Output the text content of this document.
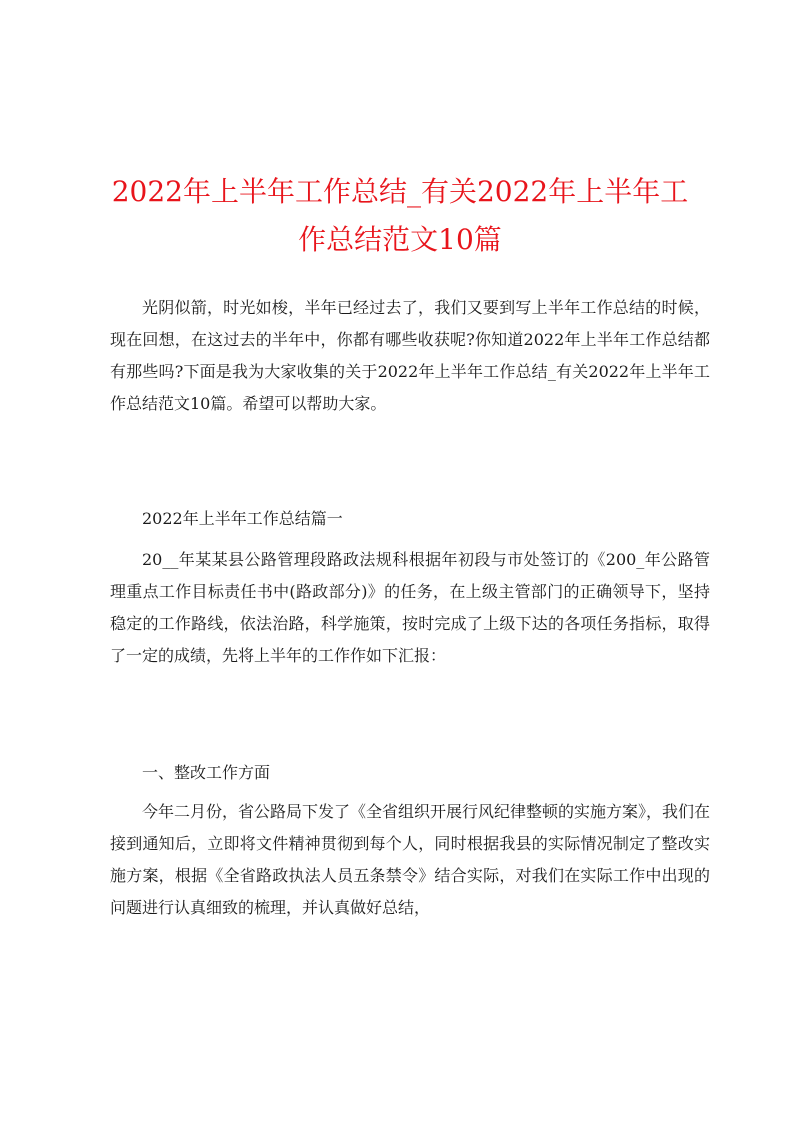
2022年上半年工作总结_有关2022年上半年工作总结范文10篇

光阴似箭，时光如梭，半年已经过去了，我们又要到写上半年工作总结的时候，现在回想，在这过去的半年中，你都有哪些收获呢?你知道2022年上半年工作总结都有那些吗?下面是我为大家收集的关于2022年上半年工作总结_有关2022年上半年工作总结范文10篇。希望可以帮助大家。

2022年上半年工作总结篇一

20__年某某县公路管理段路政法规科根据年初段与市处签订的《200_年公路管理重点工作目标责任书中(路政部分)》的任务，在上级主管部门的正确领导下，坚持稳定的工作路线，依法治路，科学施策，按时完成了上级下达的各项任务指标，取得了一定的成绩，先将上半年的工作作如下汇报：

一、整改工作方面

今年二月份，省公路局下发了《全省组织开展行风纪律整顿的实施方案》，我们在接到通知后，立即将文件精神贯彻到每个人，同时根据我县的实际情况制定了整改实施方案，根据《全省路政执法人员五条禁令》结合实际，对我们在实际工作中出现的问题进行认真细致的梳理，并认真做好总结，
